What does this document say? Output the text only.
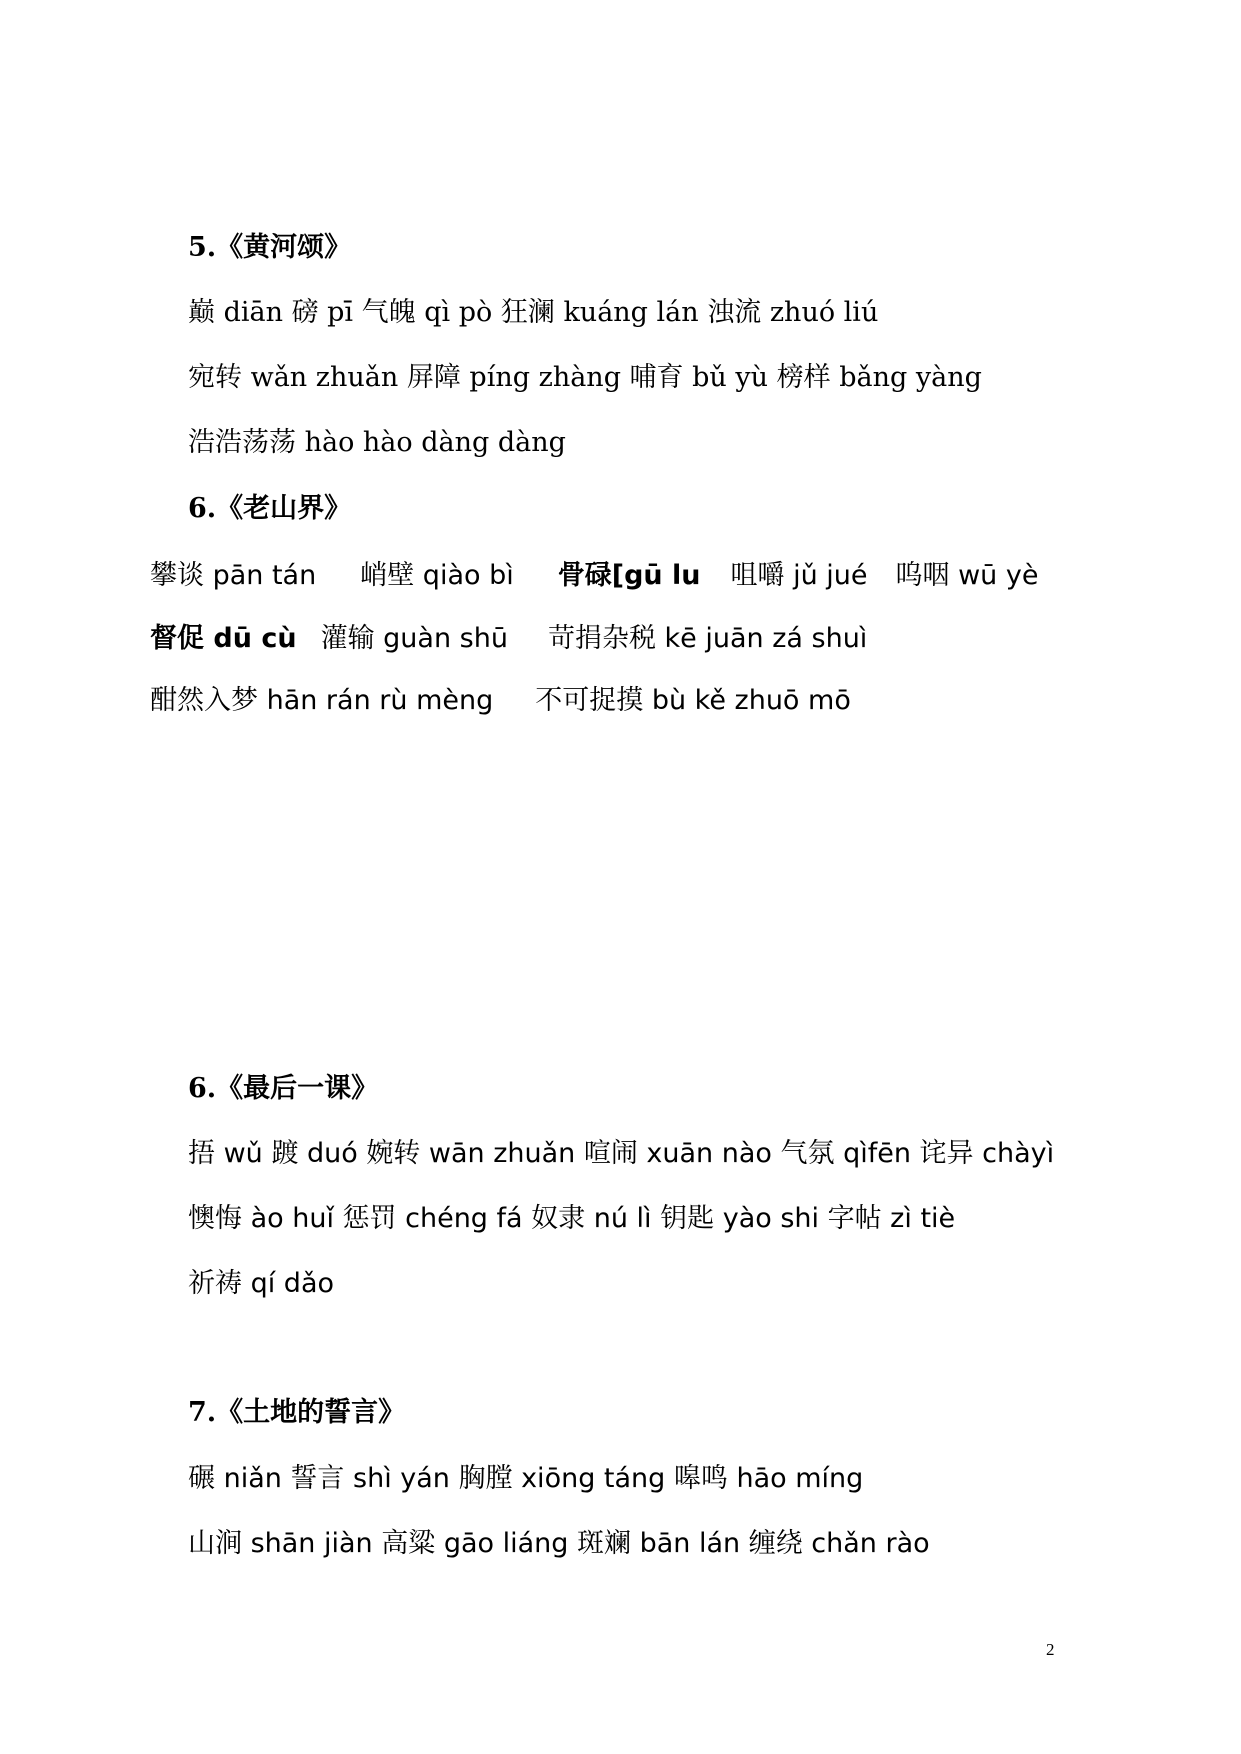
5.《黄河颂》
巅 diān 磅 pī 气魄 qì pò 狂澜 kuáng lán 浊流 zhuó liú
宛转 wǎn zhuǎn 屏障 píng zhàng 哺育 bǔ yù 榜样 bǎng yàng
浩浩荡荡 hào hào dàng dàng
6.《老山界》
攀谈 pān tán 峭壁 qiào bì 骨碌[gū lu 咀嚼 jǔ jué 呜咽 wū yè
督促 dū cù 灌输 guàn shū 苛捐杂税 kē juān zá shuì
酣然入梦 hān rán rù mèng 不可捉摸 bù kě zhuō mō
6.《最后一课》
捂 wǔ 踱 duó 婉转 wān zhuǎn 喧闹 xuān nào 气氛 qìfēn 诧异 chàyì
懊悔 ào huǐ 惩罚 chéng fá 奴隶 nú lì 钥匙 yào shi 字帖 zì tiè
祈祷 qí dǎo
7.《土地的誓言》
碾 niǎn 誓言 shì yán 胸膛 xiōng táng 嗥鸣 hāo míng
山涧 shān jiàn 高粱 gāo liáng 斑斓 bān lán 缠绕 chǎn rào
2
